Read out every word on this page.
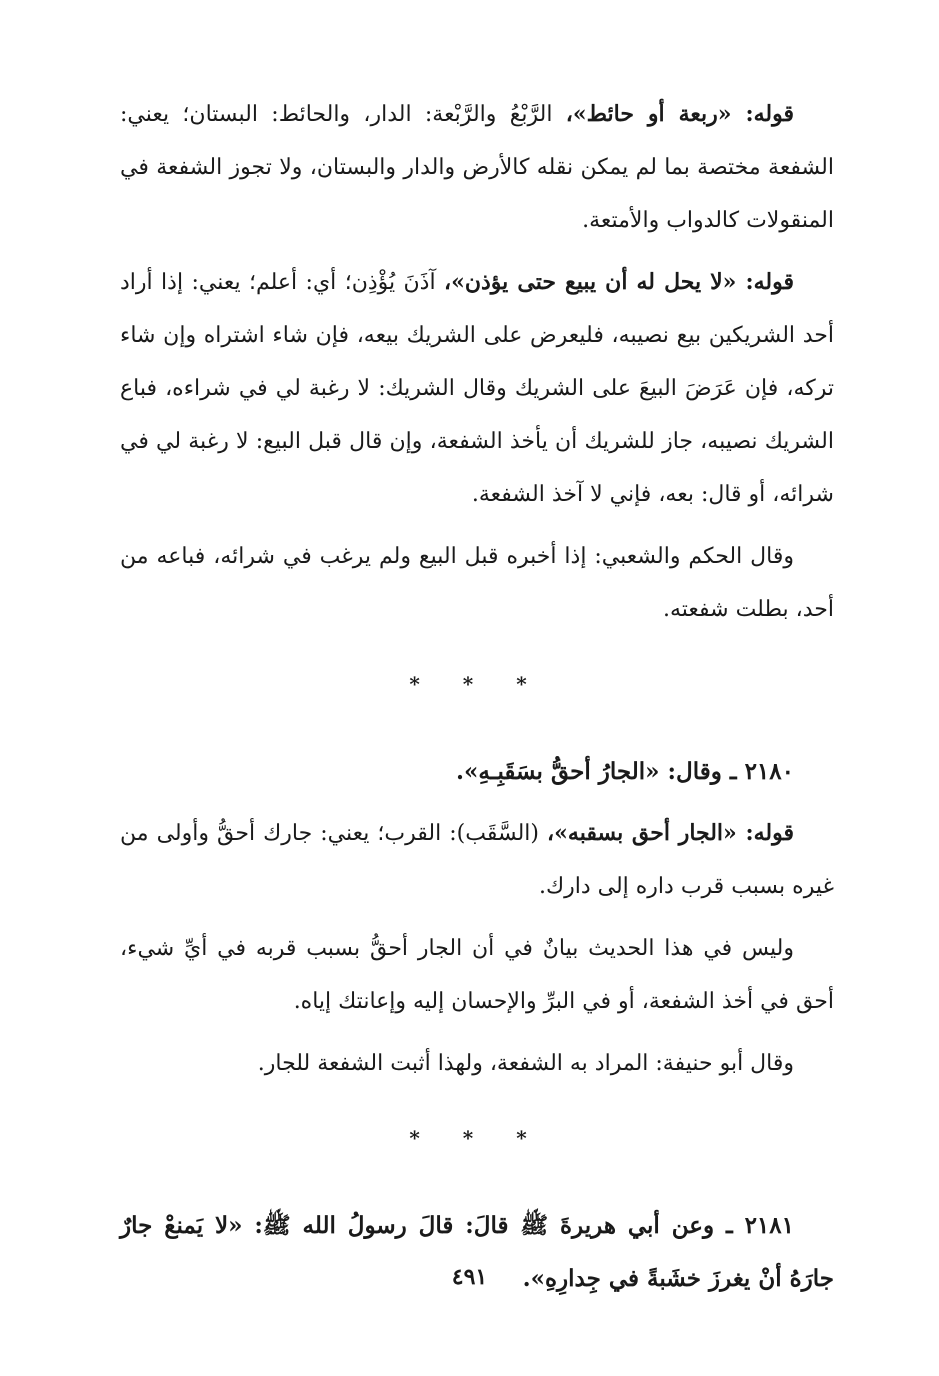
قوله: «ربعة أو حائط»، الرَّبْعُ والرَّبْعة: الدار، والحائط: البستان؛ يعني: الشفعة مختصة بما لم يمكن نقله كالأرض والدار والبستان، ولا تجوز الشفعة في المنقولات كالدواب والأمتعة.

قوله: «لا يحل له أن يبيع حتى يؤذن»، آذَنَ يُؤْذِن؛ أي: أعلم؛ يعني: إذا أراد أحد الشريكين بيع نصيبه، فليعرض على الشريك بيعه، فإن شاء اشتراه وإن شاء تركه، فإن عَرَضَ البيعَ على الشريك وقال الشريك: لا رغبة لي في شراءه، فباع الشريك نصيبه، جاز للشريك أن يأخذ الشفعة، وإن قال قبل البيع: لا رغبة لي في شرائه، أو قال: بعه، فإني لا آخذ الشفعة.

وقال الحكم والشعبي: إذا أخبره قبل البيع ولم يرغب في شرائه، فباعه من أحد، بطلت شفعته.

* * *

٢١٨٠ ـ وقال: «الجارُ أحقُّ بسَقَبِـهِ».

قوله: «الجار أحق بسقبه»، (السَّقَب): القرب؛ يعني: جارك أحقُّ وأولى من غيره بسبب قرب داره إلى دارك.

وليس في هذا الحديث بيانٌ في أن الجار أحقُّ بسبب قربه في أيِّ شيء، أحق في أخذ الشفعة، أو في البرِّ والإحسان إليه وإعانتك إياه.

وقال أبو حنيفة: المراد به الشفعة، ولهذا أثبت الشفعة للجار.

* * *

٢١٨١ ـ وعن أبي هريرةَ ﷺ قالَ: قالَ رسولُ الله ﷺ: «لا يَمنعْ جارٌ جارَهُ أنْ يغرزَ خشَبةً في جِدارِهِ».

٤٩١
